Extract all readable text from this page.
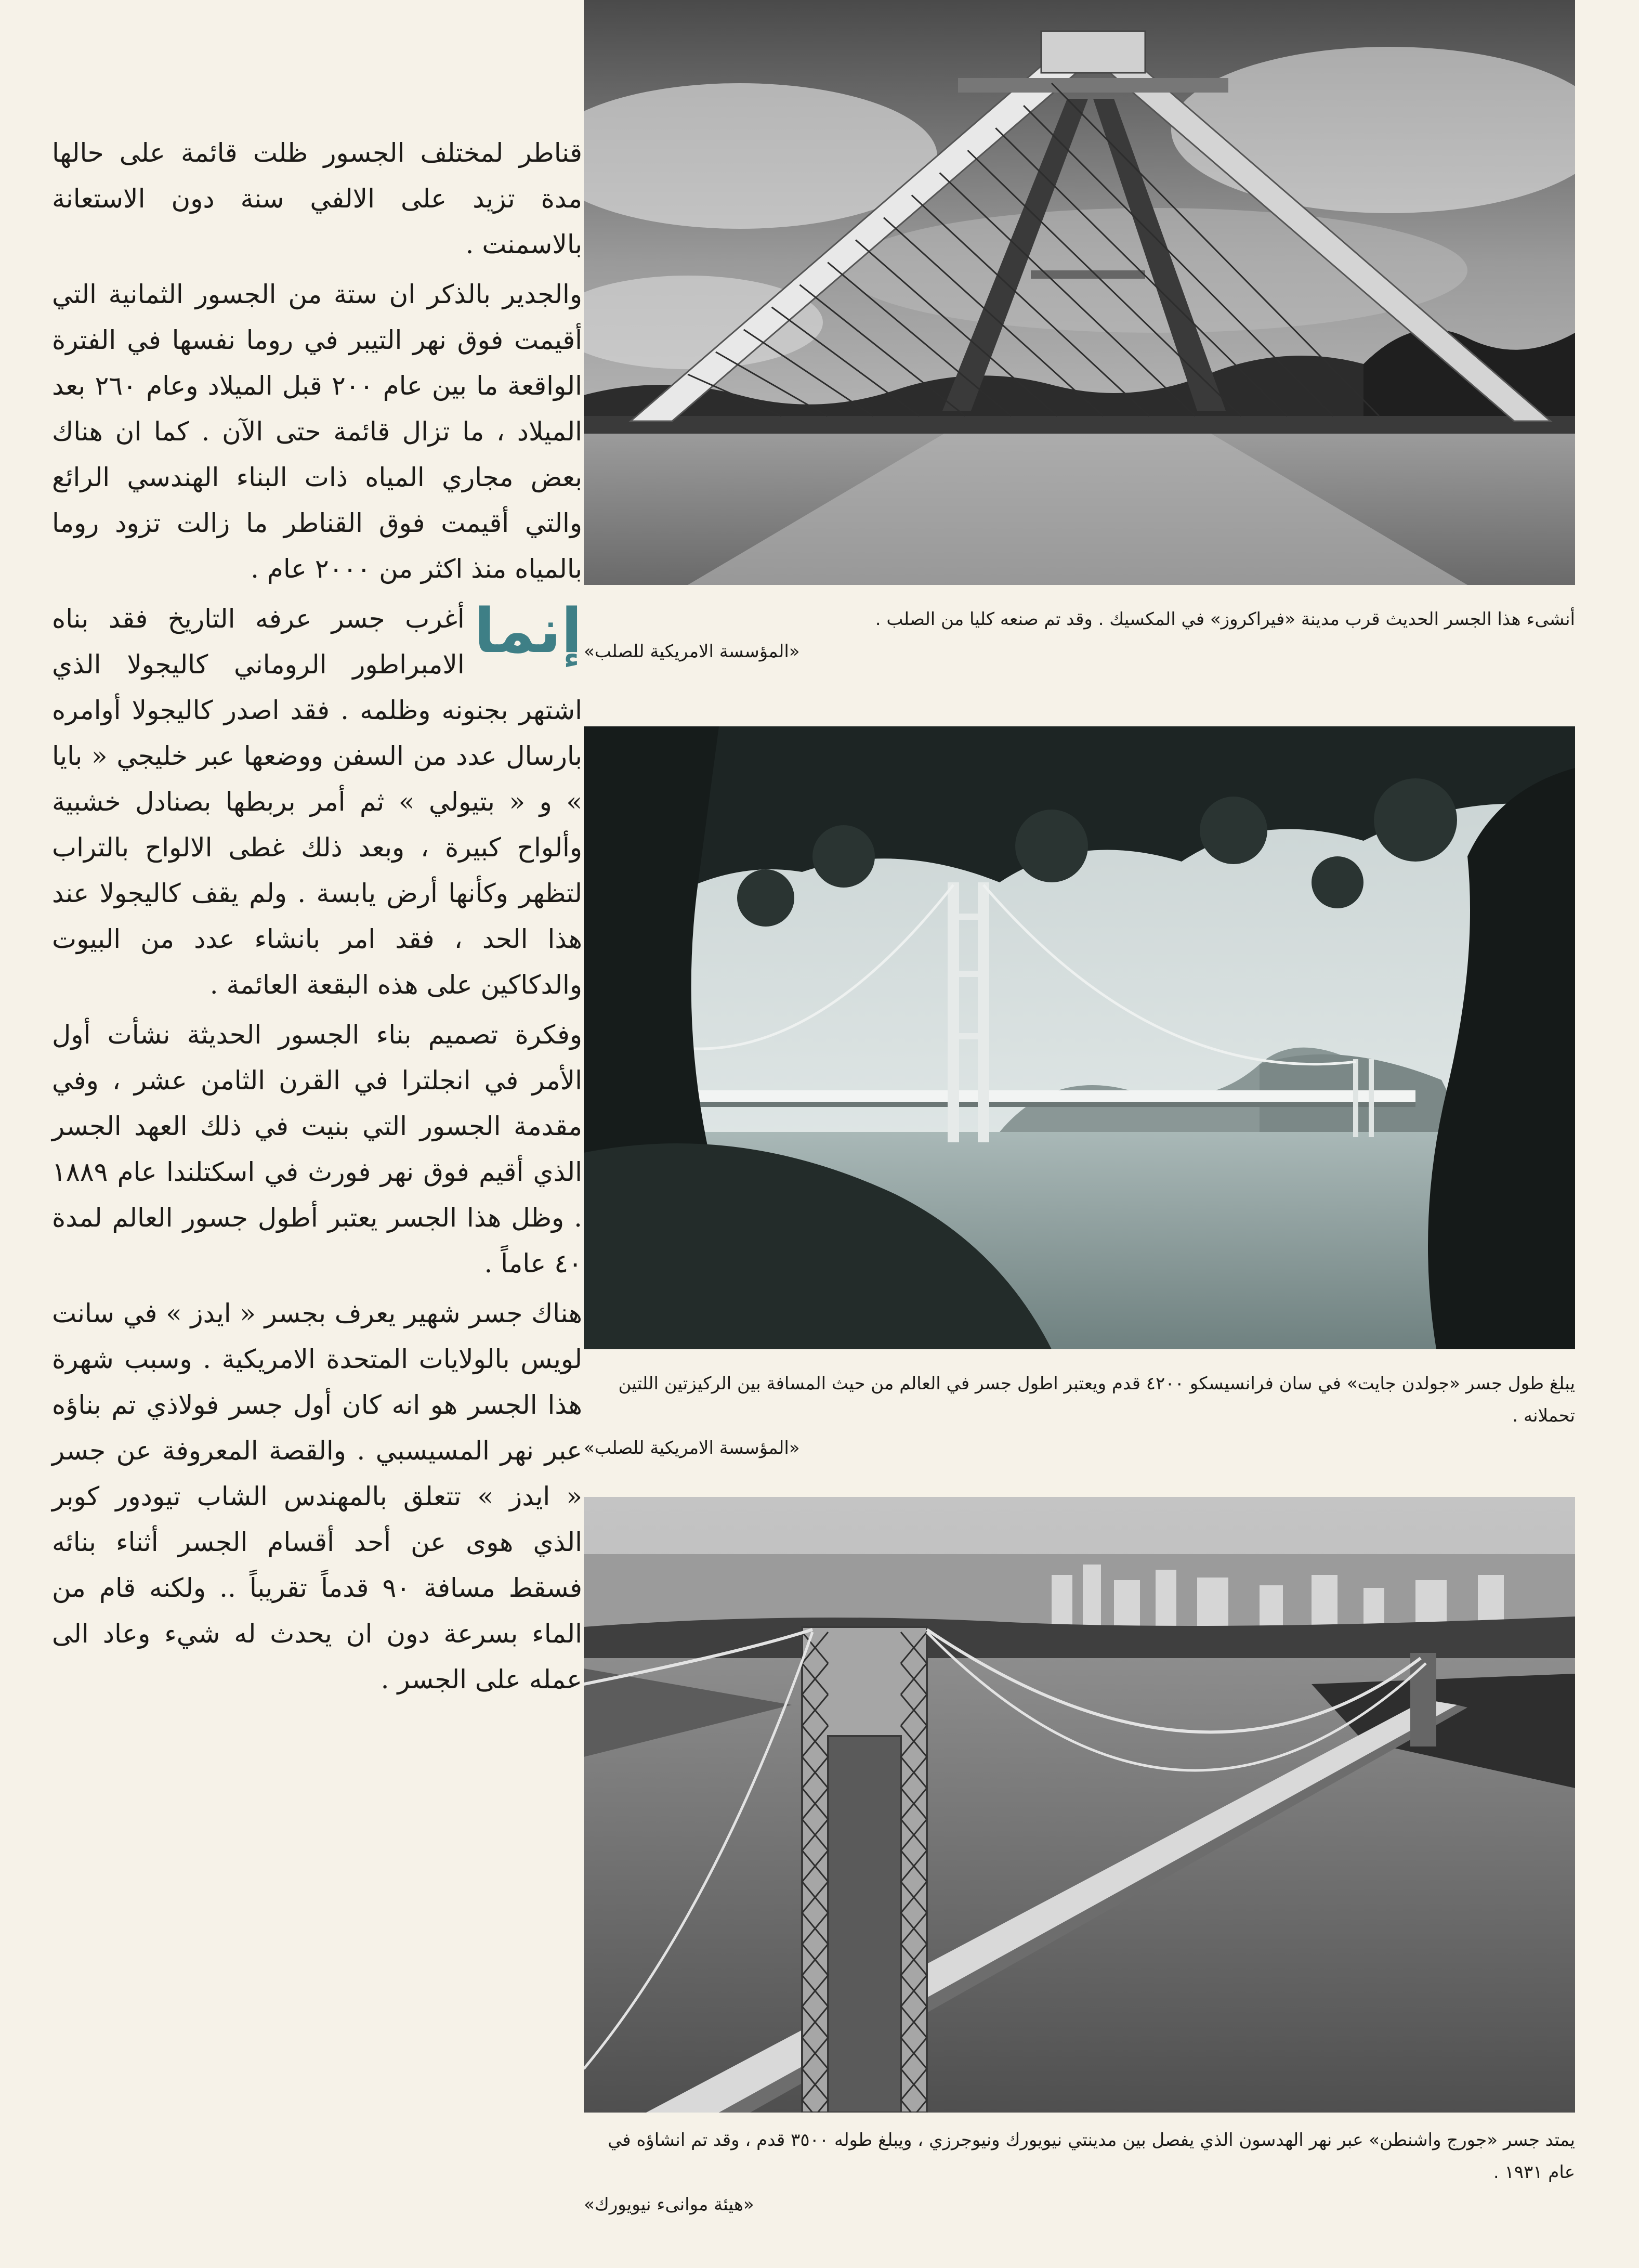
قناطر لمختلف الجسور ظلت قائمة على حالها مدة تزيد على الالفي سنة دون الاستعانة بالاسمنت .

والجدير بالذكر ان ستة من الجسور الثمانية التي أقيمت فوق نهر التيبر في روما نفسها في الفترة الواقعة ما بين عام ٢٠٠ قبل الميلاد وعام ٢٦٠ بعد الميلاد ، ما تزال قائمة حتى الآن . كما ان هناك بعض مجاري المياه ذات البناء الهندسي الرائع والتي أقيمت فوق القناطر ما زالت تزود روما بالمياه منذ اكثر من ٢٠٠٠ عام .

إنما
أغرب جسر عرفه التاريخ فقد بناه الامبراطور الروماني كاليجولا الذي اشتهر بجنونه وظلمه . فقد اصدر كاليجولا أوامره بارسال عدد من السفن ووضعها عبر خليجي « بايا » و « بتيولي » ثم أمر بربطها بصنادل خشبية وألواح كبيرة ، وبعد ذلك غطى الالواح بالتراب لتظهر وكأنها أرض يابسة . ولم يقف كاليجولا عند هذا الحد ، فقد امر بانشاء عدد من البيوت والدكاكين على هذه البقعة العائمة .

وفكرة تصميم بناء الجسور الحديثة نشأت أول الأمر في انجلترا في القرن الثامن عشر ، وفي مقدمة الجسور التي بنيت في ذلك العهد الجسر الذي أقيم فوق نهر فورث في اسكتلندا عام ١٨٨٩ . وظل هذا الجسر يعتبر أطول جسور العالم لمدة ٤٠ عاماً .

هناك جسر شهير يعرف بجسر « ايدز » في سانت لويس بالولايات المتحدة الامريكية . وسبب شهرة هذا الجسر هو انه كان أول جسر فولاذي تم بناؤه عبر نهر المسيسبي . والقصة المعروفة عن جسر « ايدز » تتعلق بالمهندس الشاب تيودور كوبر الذي هوى عن أحد أقسام الجسر أثناء بنائه فسقط مسافة ٩٠ قدماً تقريباً .. ولكنه قام من الماء بسرعة دون ان يحدث له شيء وعاد الى عمله على الجسر .

أنشىء هذا الجسر الحديث قرب مدينة «فيراكروز» في المكسيك . وقد تم صنعه كليا من الصلب .
«المؤسسة الامريكية للصلب»
يبلغ طول جسر «جولدن جايت» في سان فرانسيسكو ٤٢٠٠ قدم ويعتبر اطول جسر في العالم من حيث المسافة بين الركيزتين اللتين تحملانه .
«المؤسسة الامريكية للصلب»
يمتد جسر «جورج واشنطن» عبر نهر الهدسون الذي يفصل بين مدينتي نيويورك ونيوجرزي ، ويبلغ طوله ٣٥٠٠ قدم ، وقد تم انشاؤه في عام ١٩٣١ .
«هيئة موانىء نيويورك»
